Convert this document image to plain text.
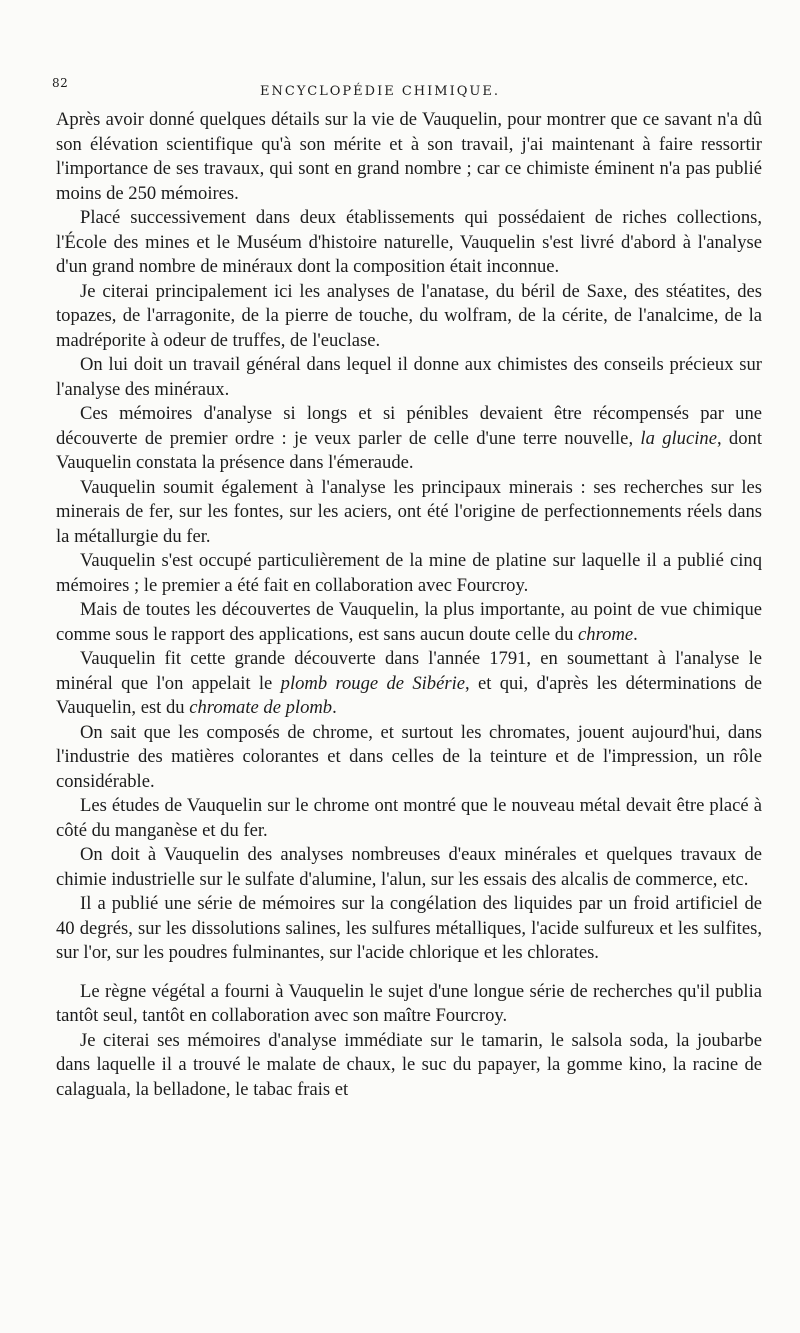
82
ENCYCLOPÉDIE CHIMIQUE.

Après avoir donné quelques détails sur la vie de Vauquelin, pour montrer que ce savant n'a dû son élévation scientifique qu'à son mérite et à son travail, j'ai maintenant à faire ressortir l'importance de ses travaux, qui sont en grand nombre ; car ce chimiste éminent n'a pas publié moins de 250 mémoires.

Placé successivement dans deux établissements qui possédaient de riches collections, l'École des mines et le Muséum d'histoire naturelle, Vauquelin s'est livré d'abord à l'analyse d'un grand nombre de minéraux dont la composition était inconnue.

Je citerai principalement ici les analyses de l'anatase, du béril de Saxe, des stéatites, des topazes, de l'arragonite, de la pierre de touche, du wolfram, de la cérite, de l'analcime, de la madréporite à odeur de truffes, de l'euclase.

On lui doit un travail général dans lequel il donne aux chimistes des conseils précieux sur l'analyse des minéraux.

Ces mémoires d'analyse si longs et si pénibles devaient être récompensés par une découverte de premier ordre : je veux parler de celle d'une terre nouvelle, la glucine, dont Vauquelin constata la présence dans l'émeraude.

Vauquelin soumit également à l'analyse les principaux minerais : ses recherches sur les minerais de fer, sur les fontes, sur les aciers, ont été l'origine de perfectionnements réels dans la métallurgie du fer.

Vauquelin s'est occupé particulièrement de la mine de platine sur laquelle il a publié cinq mémoires ; le premier a été fait en collaboration avec Fourcroy.

Mais de toutes les découvertes de Vauquelin, la plus importante, au point de vue chimique comme sous le rapport des applications, est sans aucun doute celle du chrome.

Vauquelin fit cette grande découverte dans l'année 1791, en soumettant à l'analyse le minéral que l'on appelait le plomb rouge de Sibérie, et qui, d'après les déterminations de Vauquelin, est du chromate de plomb.

On sait que les composés de chrome, et surtout les chromates, jouent aujourd'hui, dans l'industrie des matières colorantes et dans celles de la teinture et de l'impression, un rôle considérable.

Les études de Vauquelin sur le chrome ont montré que le nouveau métal devait être placé à côté du manganèse et du fer.

On doit à Vauquelin des analyses nombreuses d'eaux minérales et quelques travaux de chimie industrielle sur le sulfate d'alumine, l'alun, sur les essais des alcalis de commerce, etc.

Il a publié une série de mémoires sur la congélation des liquides par un froid artificiel de 40 degrés, sur les dissolutions salines, les sulfures métalliques, l'acide sulfureux et les sulfites, sur l'or, sur les poudres fulminantes, sur l'acide chlorique et les chlorates.

Le règne végétal a fourni à Vauquelin le sujet d'une longue série de recherches qu'il publia tantôt seul, tantôt en collaboration avec son maître Fourcroy.

Je citerai ses mémoires d'analyse immédiate sur le tamarin, le salsola soda, la joubarbe dans laquelle il a trouvé le malate de chaux, le suc du papayer, la gomme kino, la racine de calaguala, la belladone, le tabac frais et
